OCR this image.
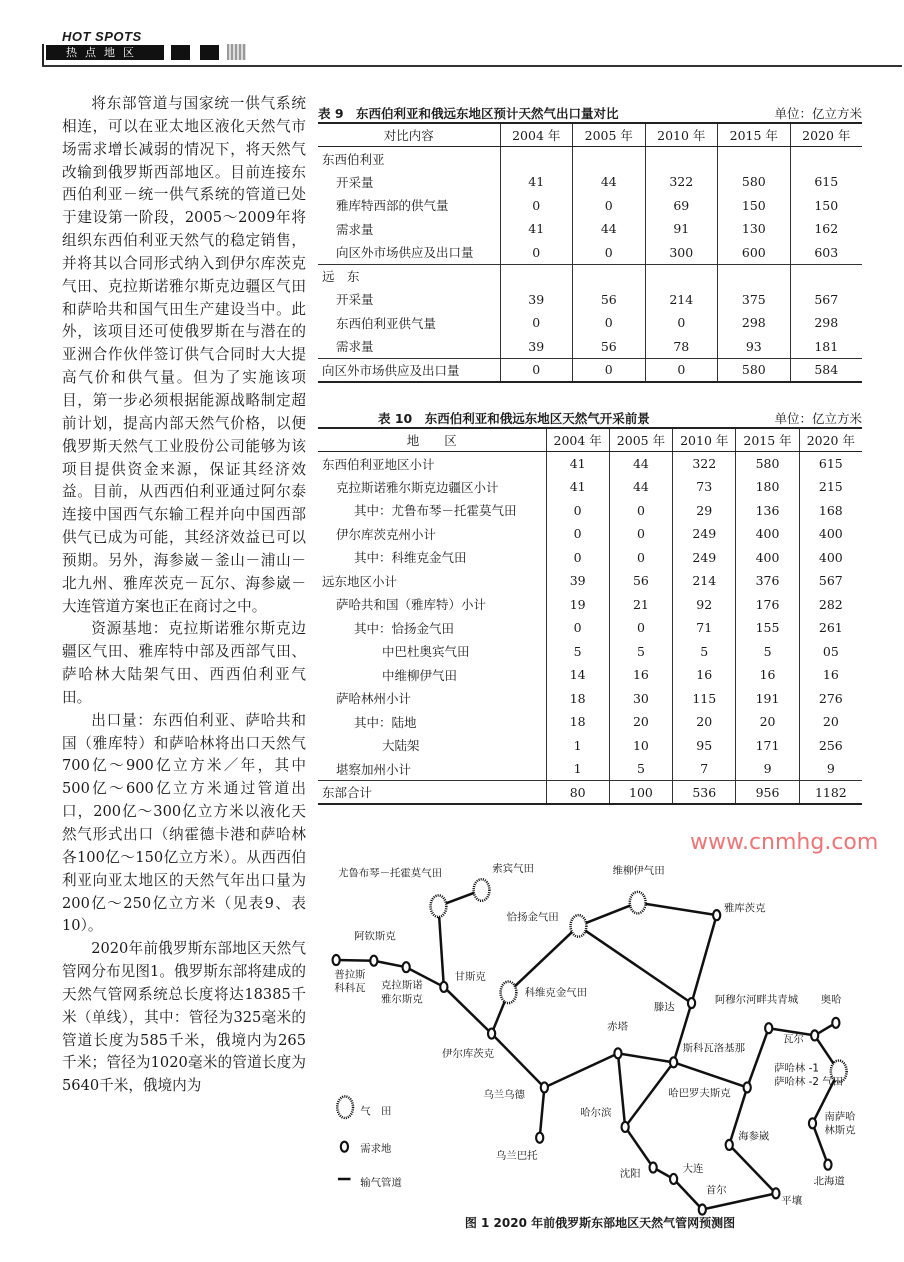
HOT SPOTS
热点地区

将东部管道与国家统一供气系统相连，可以在亚太地区液化天然气市场需求增长减弱的情况下，将天然气改输到俄罗斯西部地区。目前连接东西伯利亚－统一供气系统的管道已处于建设第一阶段，2005～2009年将组织东西伯利亚天然气的稳定销售，并将其以合同形式纳入到伊尔库茨克气田、克拉斯诺雅尔斯克边疆区气田和萨哈共和国气田生产建设当中。此外，该项目还可使俄罗斯在与潜在的亚洲合作伙伴签订供气合同时大大提高气价和供气量。但为了实施该项目，第一步必须根据能源战略制定超前计划，提高内部天然气价格，以便俄罗斯天然气工业股份公司能够为该项目提供资金来源，保证其经济效益。目前，从西西伯利亚通过阿尔泰连接中国西气东输工程并向中国西部供气已成为可能，其经济效益已可以预期。另外，海参崴－釜山－浦山－北九州、雅库茨克－瓦尔、海参崴－大连管道方案也正在商讨之中。

资源基地：克拉斯诺雅尔斯克边疆区气田、雅库特中部及西部气田、萨哈林大陆架气田、西西伯利亚气田。

出口量：东西伯利亚、萨哈共和国（雅库特）和萨哈林将出口天然气700亿～900亿立方米／年，其中500亿～600亿立方米通过管道出口，200亿～300亿立方米以液化天然气形式出口（纳霍德卡港和萨哈林各100亿～150亿立方米）。从西西伯利亚向亚太地区的天然气年出口量为200亿～250亿立方米（见表9、表10）。

2020年前俄罗斯东部地区天然气管网分布见图1。俄罗斯东部将建成的天然气管网系统总长度将达18385千米（单线），其中：管径为325毫米的管道长度为585千米，俄境内为265千米；管径为1020毫米的管道长度为5640千米，俄境内为

表 9　东西伯利亚和俄远东地区预计天然气出口量对比	单位：亿立方米
对比内容	2004 年	2005 年	2010 年	2015 年	2020 年
东西伯利亚					
开采量	41	44	322	580	615
雅库特西部的供气量	0	0	69	150	150
需求量	41	44	91	130	162
向区外市场供应及出口量	0	0	300	600	603
远　东					
开采量	39	56	214	375	567
东西伯利亚供气量	0	0	0	298	298
需求量	39	56	78	93	181
向区外市场供应及出口量	0	0	0	580	584
表 10　东西伯利亚和俄远东地区天然气开采前景	单位：亿立方米
地　　区	2004 年	2005 年	2010 年	2015 年	2020 年
东西伯利亚地区小计	41	44	322	580	615
克拉斯诺雅尔斯克边疆区小计	41	44	73	180	215
其中：尤鲁布琴－托霍莫气田	0	0	29	136	168
伊尔库茨克州小计	0	0	249	400	400
其中：科维克金气田	0	0	249	400	400
远东地区小计	39	56	214	376	567
萨哈共和国（雅库特）小计	19	21	92	176	282
其中：恰扬金气田	0	0	71	155	261
中巴杜奥宾气田	5	5	5	5	05
中维柳伊气田	14	16	16	16	16
萨哈林州小计	18	30	115	191	276
其中：陆地	18	20	20	20	20
大陆架	1	10	95	171	256
堪察加州小计	1	5	7	9	9
东部合计	80	100	536	956	1182
尤鲁布琴－托霍莫气田 索宾气田	维柳伊气田
雅库茨克
恰扬金气田
阿钦斯克
普拉斯
科科瓦 克拉斯诺
雅尔斯克
甘斯克
科维克金气田
滕达
阿穆尔河畔共青城 奥哈
伊尔库茨克
赤塔
斯科瓦洛基那
瓦尔
萨哈林 -1
萨哈林 -2 气田
乌兰乌德	哈巴罗夫斯克
哈尔滨	南萨哈
林斯克
海参崴
乌兰巴托
沈阳 大连
首尔
平壤
北海道
气　田
需求地
输气管道
图 1 2020 年前俄罗斯东部地区天然气管网预测图
www.cnmhg.com
